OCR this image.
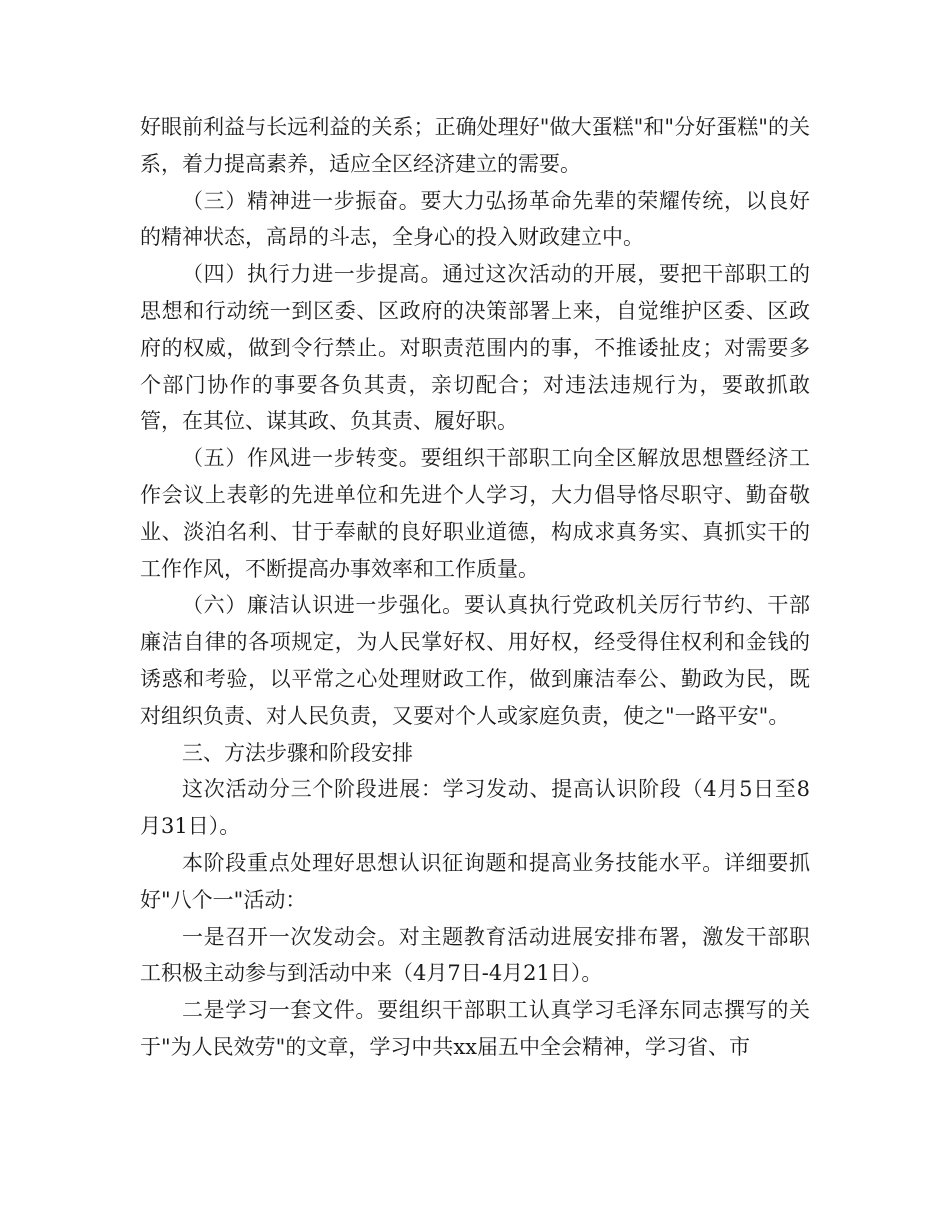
好眼前利益与长远利益的关系；正确处理好"做大蛋糕"和"分好蛋糕"的关系，着力提高素养，适应全区经济建立的需要。

（三）精神进一步振奋。要大力弘扬革命先辈的荣耀传统，以良好的精神状态，高昂的斗志，全身心的投入财政建立中。

（四）执行力进一步提高。通过这次活动的开展，要把干部职工的思想和行动统一到区委、区政府的决策部署上来，自觉维护区委、区政府的权威，做到令行禁止。对职责范围内的事，不推诿扯皮；对需要多个部门协作的事要各负其责，亲切配合；对违法违规行为，要敢抓敢管，在其位、谋其政、负其责、履好职。

（五）作风进一步转变。要组织干部职工向全区解放思想暨经济工作会议上表彰的先进单位和先进个人学习，大力倡导恪尽职守、勤奋敬业、淡泊名利、甘于奉献的良好职业道德，构成求真务实、真抓实干的工作作风，不断提高办事效率和工作质量。

（六）廉洁认识进一步强化。要认真执行党政机关厉行节约、干部廉洁自律的各项规定，为人民掌好权、用好权，经受得住权利和金钱的诱惑和考验，以平常之心处理财政工作，做到廉洁奉公、勤政为民，既对组织负责、对人民负责，又要对个人或家庭负责，使之"一路平安"。

三、方法步骤和阶段安排

这次活动分三个阶段进展：学习发动、提高认识阶段（4月5日至8月31日）。

本阶段重点处理好思想认识征询题和提高业务技能水平。详细要抓好"八个一"活动：

一是召开一次发动会。对主题教育活动进展安排布署，激发干部职工积极主动参与到活动中来（4月7日-4月21日）。

二是学习一套文件。要组织干部职工认真学习毛泽东同志撰写的关于"为人民效劳"的文章，学习中共xx届五中全会精神，学习省、市
